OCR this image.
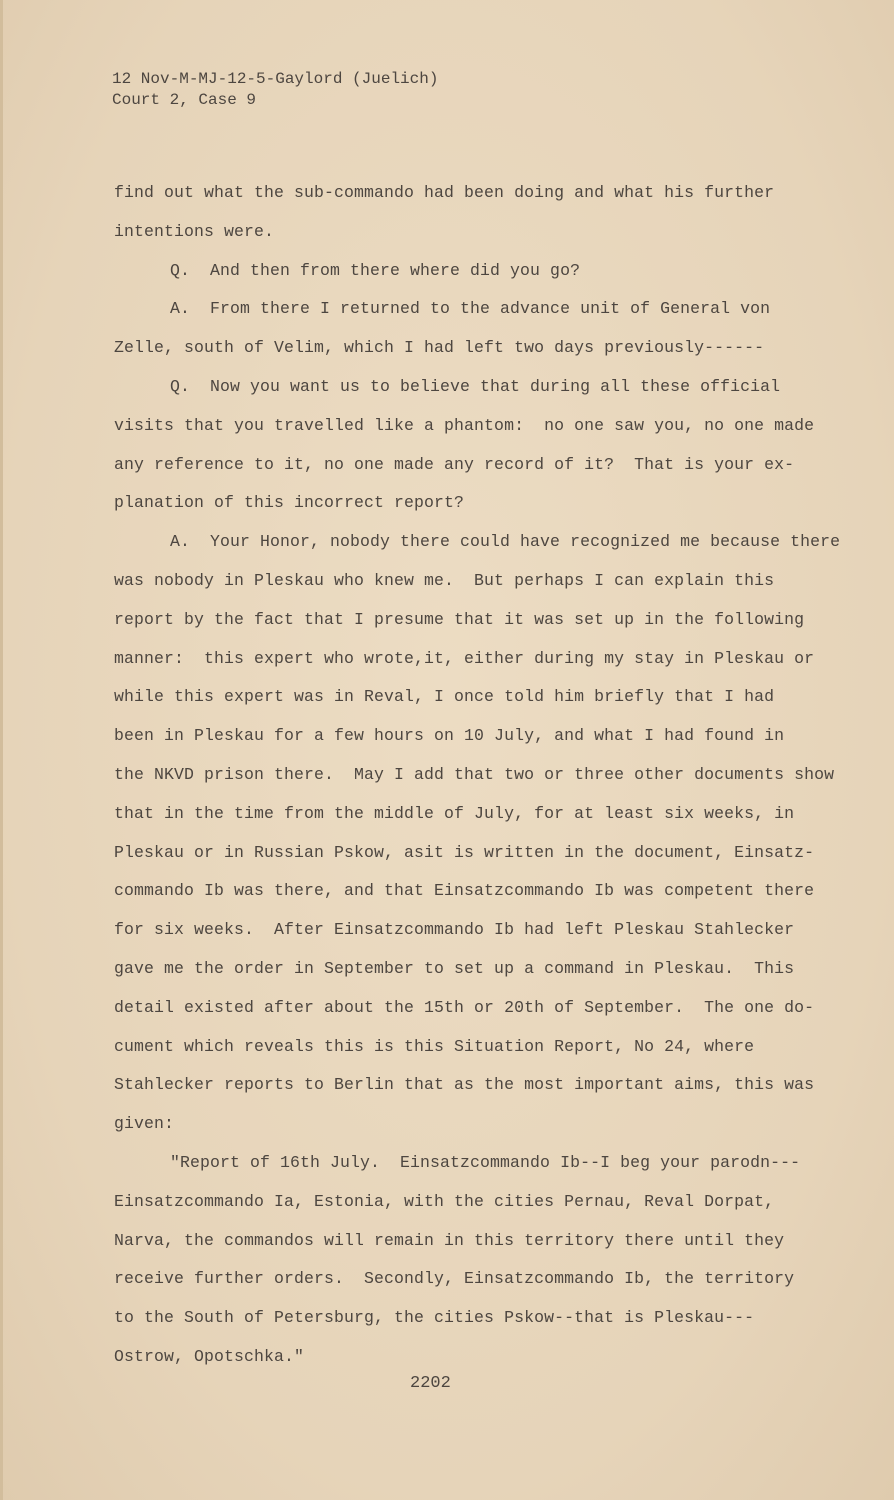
12 Nov-M-MJ-12-5-Gaylord (Juelich)
Court 2, Case 9
find out what the sub-commando had been doing and what his further
intentions were.
Q.  And then from there where did you go?
A.  From there I returned to the advance unit of General von
Zelle, south of Velim, which I had left two days previously------
Q.  Now you want us to believe that during all these official
visits that you travelled like a phantom:  no one saw you, no one made
any reference to it, no one made any record of it?  That is your ex-
planation of this incorrect report?
A.  Your Honor, nobody there could have recognized me because there
was nobody in Pleskau who knew me.  But perhaps I can explain this
report by the fact that I presume that it was set up in the following
manner:  this expert who wrote,it, either during my stay in Pleskau or
while this expert was in Reval, I once told him briefly that I had
been in Pleskau for a few hours on 10 July, and what I had found in
the NKVD prison there.  May I add that two or three other documents show
that in the time from the middle of July, for at least six weeks, in
Pleskau or in Russian Pskow, asit is written in the document, Einsatz-
commando Ib was there, and that Einsatzcommando Ib was competent there
for six weeks.  After Einsatzcommando Ib had left Pleskau Stahlecker
gave me the order in September to set up a command in Pleskau.  This
detail existed after about the 15th or 20th of September.  The one do-
cument which reveals this is this Situation Report, No 24, where
Stahlecker reports to Berlin that as the most important aims, this was
given:
"Report of 16th July.  Einsatzcommando Ib--I beg your parodn---
Einsatzcommando Ia, Estonia, with the cities Pernau, Reval Dorpat,
Narva, the commandos will remain in this territory there until they
receive further orders.  Secondly, Einsatzcommando Ib, the territory
to the South of Petersburg, the cities Pskow--that is Pleskau---
Ostrow, Opotschka."
2202
